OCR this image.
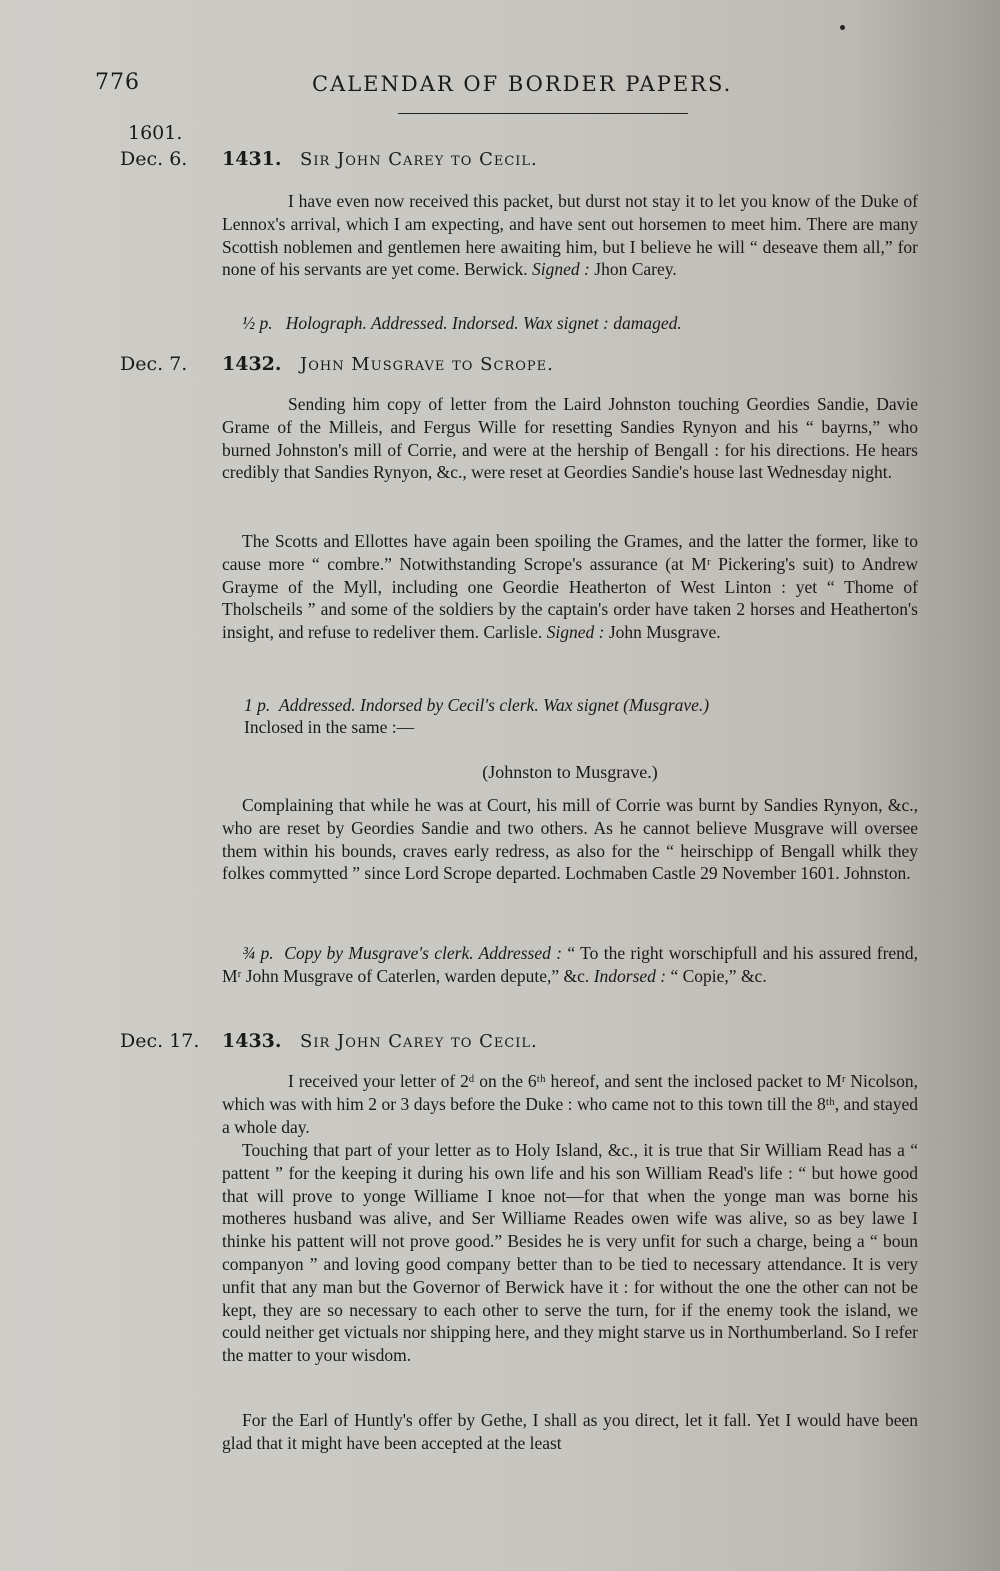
776	CALENDAR OF BORDER PAPERS.
1601.
Dec. 6.	1431. Sir John Carey to Cecil.
I have even now received this packet, but durst not stay it to let you know of the Duke of Lennox's arrival, which I am expecting, and have sent out horsemen to meet him. There are many Scottish noblemen and gentlemen here awaiting him, but I believe he will “ deseave them all,” for none of his servants are yet come. Berwick. Signed : Jhon Carey.
½ p. Holograph. Addressed. Indorsed. Wax signet : damaged.
Dec. 7.	1432. John Musgrave to Scrope.
Sending him copy of letter from the Laird Johnston touching Geordies Sandie, Davie Grame of the Milleis, and Fergus Wille for resetting Sandies Rynyon and his “ bayrns,” who burned Johnston's mill of Corrie, and were at the hership of Bengall : for his directions. He hears credibly that Sandies Rynyon, &c., were reset at Geordies Sandie's house last Wednesday night.
The Scotts and Ellottes have again been spoiling the Grames, and the latter the former, like to cause more “ combre.” Notwithstanding Scrope's assurance (at Mʳ Pickering's suit) to Andrew Grayme of the Myll, including one Geordie Heatherton of West Linton : yet “ Thome of Tholscheils ” and some of the soldiers by the captain's order have taken 2 horses and Heatherton's insight, and refuse to redeliver them. Carlisle. Signed : John Musgrave.
1 p. Addressed. Indorsed by Cecil's clerk. Wax signet (Musgrave.)
Inclosed in the same :—
(Johnston to Musgrave.)
Complaining that while he was at Court, his mill of Corrie was burnt by Sandies Rynyon, &c., who are reset by Geordies Sandie and two others. As he cannot believe Musgrave will oversee them within his bounds, craves early redress, as also for the “ heirschipp of Bengall whilk they folkes commytted ” since Lord Scrope departed. Lochmaben Castle 29 November 1601. Johnston.
¾ p. Copy by Musgrave's clerk. Addressed : “ To the right worschipfull and his assured frend, Mʳ John Musgrave of Caterlen, warden depute,” &c. Indorsed : “ Copie,” &c.
Dec. 17.	1433. Sir John Carey to Cecil.
I received your letter of 2ᵈ on the 6ᵗʰ hereof, and sent the inclosed packet to Mʳ Nicolson, which was with him 2 or 3 days before the Duke : who came not to this town till the 8ᵗʰ, and stayed a whole day.
Touching that part of your letter as to Holy Island, &c., it is true that Sir William Read has a “ pattent ” for the keeping it during his own life and his son William Read's life : “ but howe good that will prove to yonge Williame I knoe not—for that when the yonge man was borne his motheres husband was alive, and Ser Williame Reades owen wife was alive, so as bey lawe I thinke his pattent will not prove good.” Besides he is very unfit for such a charge, being a “ boun companyon ” and loving good company better than to be tied to necessary attendance. It is very unfit that any man but the Governor of Berwick have it : for without the one the other can not be kept, they are so necessary to each other to serve the turn, for if the enemy took the island, we could neither get victuals nor shipping here, and they might starve us in Northumberland. So I refer the matter to your wisdom.
For the Earl of Huntly's offer by Gethe, I shall as you direct, let it fall. Yet I would have been glad that it might have been accepted at the least
